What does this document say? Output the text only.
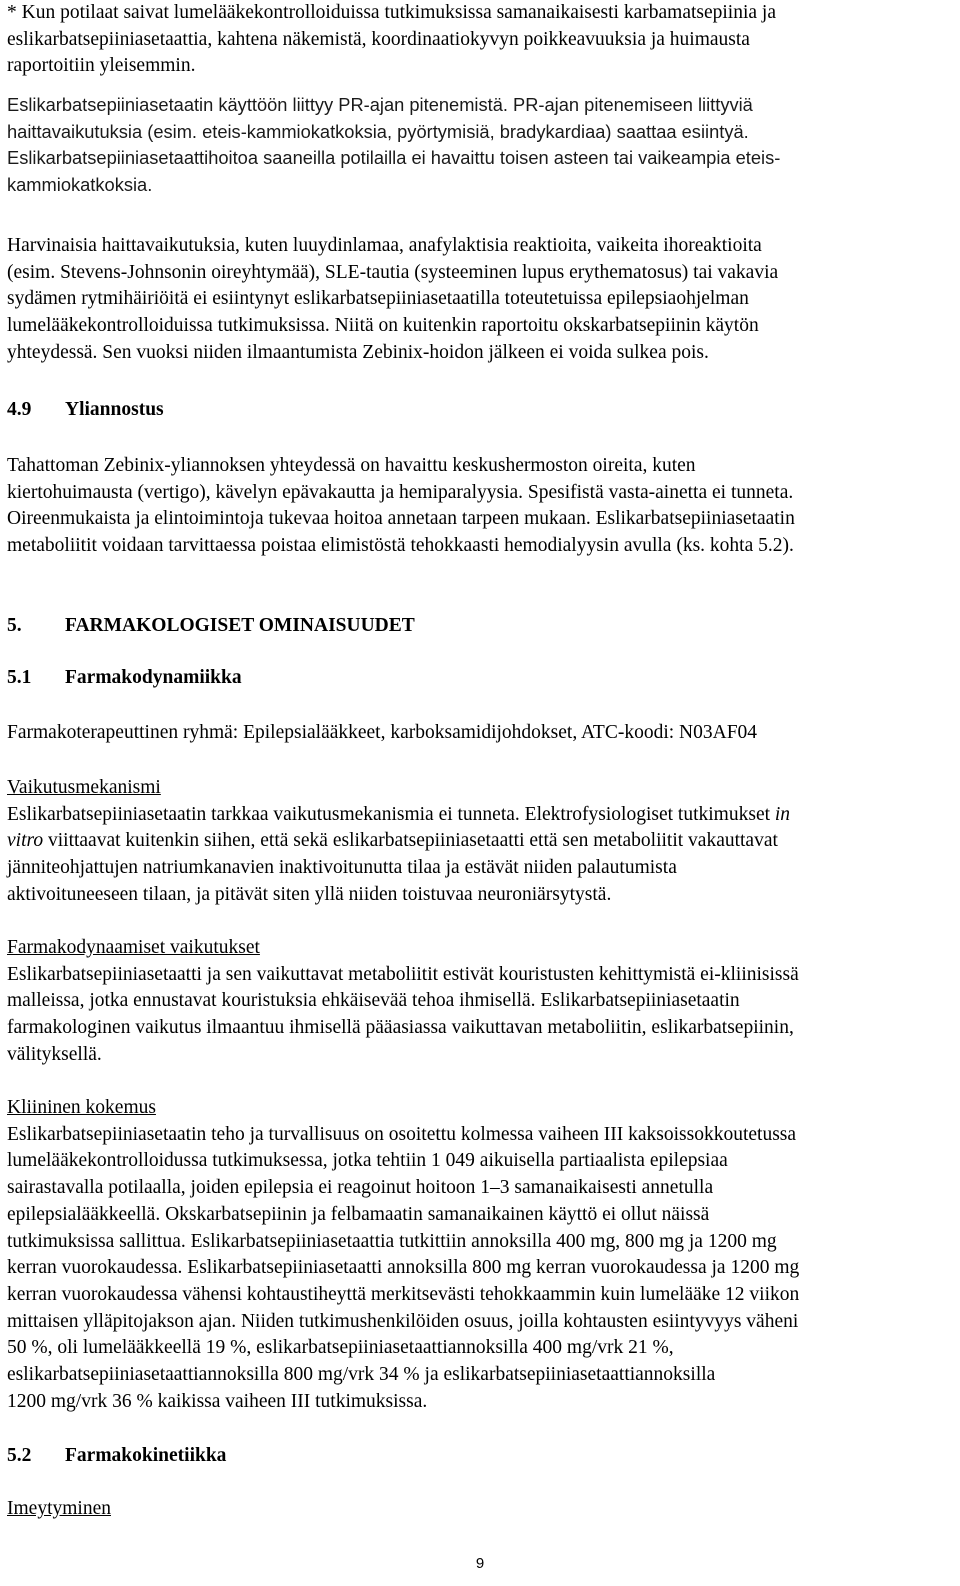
* Kun potilaat saivat lumelääkekontrolloiduissa tutkimuksissa samanaikaisesti karbamatsepiinia ja
eslikarbatsepiiniasetaattia, kahtena näkemistä, koordinaatiokyvyn poikkeavuuksia ja huimausta
raportoitiin yleisemmin.

Eslikarbatsepiiniasetaatin käyttöön liittyy PR-ajan pitenemistä. PR-ajan pitenemiseen liittyviä
haittavaikutuksia (esim. eteis-kammiokatkoksia, pyörtymisiä, bradykardiaa) saattaa esiintyä.
Eslikarbatsepiiniasetaattihoitoa saaneilla potilailla ei havaittu toisen asteen tai vaikeampia eteis-
kammiokatkoksia.

Harvinaisia haittavaikutuksia, kuten luuydinlamaa, anafylaktisia reaktioita, vaikeita ihoreaktioita
(esim. Stevens-Johnsonin oireyhtymää), SLE-tautia (systeeminen lupus erythematosus) tai vakavia
sydämen rytmihäiriöitä ei esiintynyt eslikarbatsepiiniasetaatilla toteutetuissa epilepsiaohjelman
lumelääkekontrolloiduissa tutkimuksissa. Niitä on kuitenkin raportoitu okskarbatsepiinin käytön
yhteydessä. Sen vuoksi niiden ilmaantumista Zebinix-hoidon jälkeen ei voida sulkea pois.

4.9 Yliannostus

Tahattoman Zebinix-yliannoksen yhteydessä on havaittu keskushermoston oireita, kuten
kiertohuimausta (vertigo), kävelyn epävakautta ja hemiparalyysia. Spesifistä vasta-ainetta ei tunneta.
Oireenmukaista ja elintoimintoja tukevaa hoitoa annetaan tarpeen mukaan. Eslikarbatsepiiniasetaatin
metaboliitit voidaan tarvittaessa poistaa elimistöstä tehokkaasti hemodialyysin avulla (ks. kohta 5.2).

5. FARMAKOLOGISET OMINAISUUDET

5.1 Farmakodynamiikka

Farmakoterapeuttinen ryhmä: Epilepsialääkkeet, karboksamidijohdokset, ATC-koodi: N03AF04

Vaikutusmekanismi
Eslikarbatsepiiniasetaatin tarkkaa vaikutusmekanismia ei tunneta. Elektrofysiologiset tutkimukset in
vitro viittaavat kuitenkin siihen, että sekä eslikarbatsepiiniasetaatti että sen metaboliitit vakauttavat
jänniteohjattujen natriumkanavien inaktivoitunutta tilaa ja estävät niiden palautumista
aktivoituneeseen tilaan, ja pitävät siten yllä niiden toistuvaa neuroniärsytystä.

Farmakodynaamiset vaikutukset
Eslikarbatsepiiniasetaatti ja sen vaikuttavat metaboliitit estivät kouristusten kehittymistä ei-kliinisissä
malleissa, jotka ennustavat kouristuksia ehkäisevää tehoa ihmisellä. Eslikarbatsepiiniasetaatin
farmakologinen vaikutus ilmaantuu ihmisellä pääasiassa vaikuttavan metaboliitin, eslikarbatsepiinin,
välityksellä.

Kliininen kokemus
Eslikarbatsepiiniasetaatin teho ja turvallisuus on osoitettu kolmessa vaiheen III kaksoissokkoutetussa
lumelääkekontrolloidussa tutkimuksessa, jotka tehtiin 1 049 aikuisella partiaalista epilepsiaa
sairastavalla potilaalla, joiden epilepsia ei reagoinut hoitoon 1–3 samanaikaisesti annetulla
epilepsialääkkeellä. Okskarbatsepiinin ja felbamaatin samanaikainen käyttö ei ollut näissä
tutkimuksissa sallittua. Eslikarbatsepiiniasetaattia tutkittiin annoksilla 400 mg, 800 mg ja 1200 mg
kerran vuorokaudessa. Eslikarbatsepiiniasetaatti annoksilla 800 mg kerran vuorokaudessa ja 1200 mg
kerran vuorokaudessa vähensi kohtaustiheyttä merkitsevästi tehokkaammin kuin lumelääke 12 viikon
mittaisen ylläpitojakson ajan. Niiden tutkimushenkilöiden osuus, joilla kohtausten esiintyvyys väheni
50 %, oli lumelääkkeellä 19 %, eslikarbatsepiiniasetaattiannoksilla 400 mg/vrk 21 %,
eslikarbatsepiiniasetaattiannoksilla 800 mg/vrk 34 % ja eslikarbatsepiiniasetaattiannoksilla
1200 mg/vrk 36 % kaikissa vaiheen III tutkimuksissa.

5.2 Farmakokinetiikka

Imeytyminen

9
